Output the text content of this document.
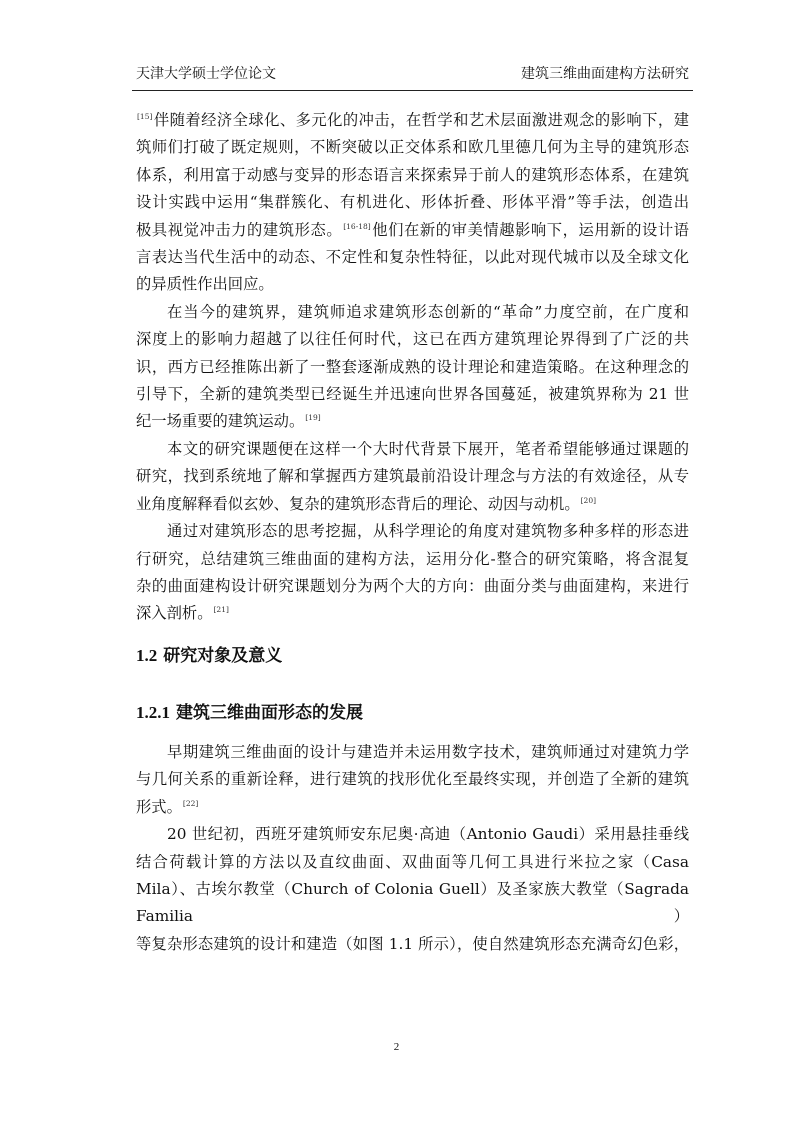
天津大学硕士学位论文	建筑三维曲面建构方法研究

[15]伴随着经济全球化、多元化的冲击，在哲学和艺术层面激进观念的影响下，建

筑师们打破了既定规则，不断突破以正交体系和欧几里德几何为主导的建筑形态

体系，利用富于动感与变异的形态语言来探索异于前人的建筑形态体系，在建筑

设计实践中运用“集群簇化、有机进化、形体折叠、形体平滑”等手法，创造出

极具视觉冲击力的建筑形态。[16-18]他们在新的审美情趣影响下，运用新的设计语

言表达当代生活中的动态、不定性和复杂性特征，以此对现代城市以及全球文化

的异质性作出回应。

在当今的建筑界，建筑师追求建筑形态创新的“革命”力度空前，在广度和

深度上的影响力超越了以往任何时代，这已在西方建筑理论界得到了广泛的共

识，西方已经推陈出新了一整套逐渐成熟的设计理论和建造策略。在这种理念的

引导下，全新的建筑类型已经诞生并迅速向世界各国蔓延，被建筑界称为 21 世

纪一场重要的建筑运动。[19]

本文的研究课题便在这样一个大时代背景下展开，笔者希望能够通过课题的

研究，找到系统地了解和掌握西方建筑最前沿设计理念与方法的有效途径，从专

业角度解释看似玄妙、复杂的建筑形态背后的理论、动因与动机。[20]

通过对建筑形态的思考挖掘，从科学理论的角度对建筑物多种多样的形态进

行研究，总结建筑三维曲面的建构方法，运用分化-整合的研究策略，将含混复

杂的曲面建构设计研究课题划分为两个大的方向：曲面分类与曲面建构，来进行

深入剖析。[21]

1.2 研究对象及意义
1.2.1 建筑三维曲面形态的发展

早期建筑三维曲面的设计与建造并未运用数字技术，建筑师通过对建筑力学

与几何关系的重新诠释，进行建筑的找形优化至最终实现，并创造了全新的建筑

形式。[22]

20 世纪初，西班牙建筑师安东尼奥·高迪（Antonio Gaudi）采用悬挂垂线

结合荷载计算的方法以及直纹曲面、双曲面等几何工具进行米拉之家（Casa

Mila）、古埃尔教堂（Church of Colonia Guell）及圣家族大教堂（Sagrada Familia）

等复杂形态建筑的设计和建造（如图 1.1 所示），使自然建筑形态充满奇幻色彩，

2
